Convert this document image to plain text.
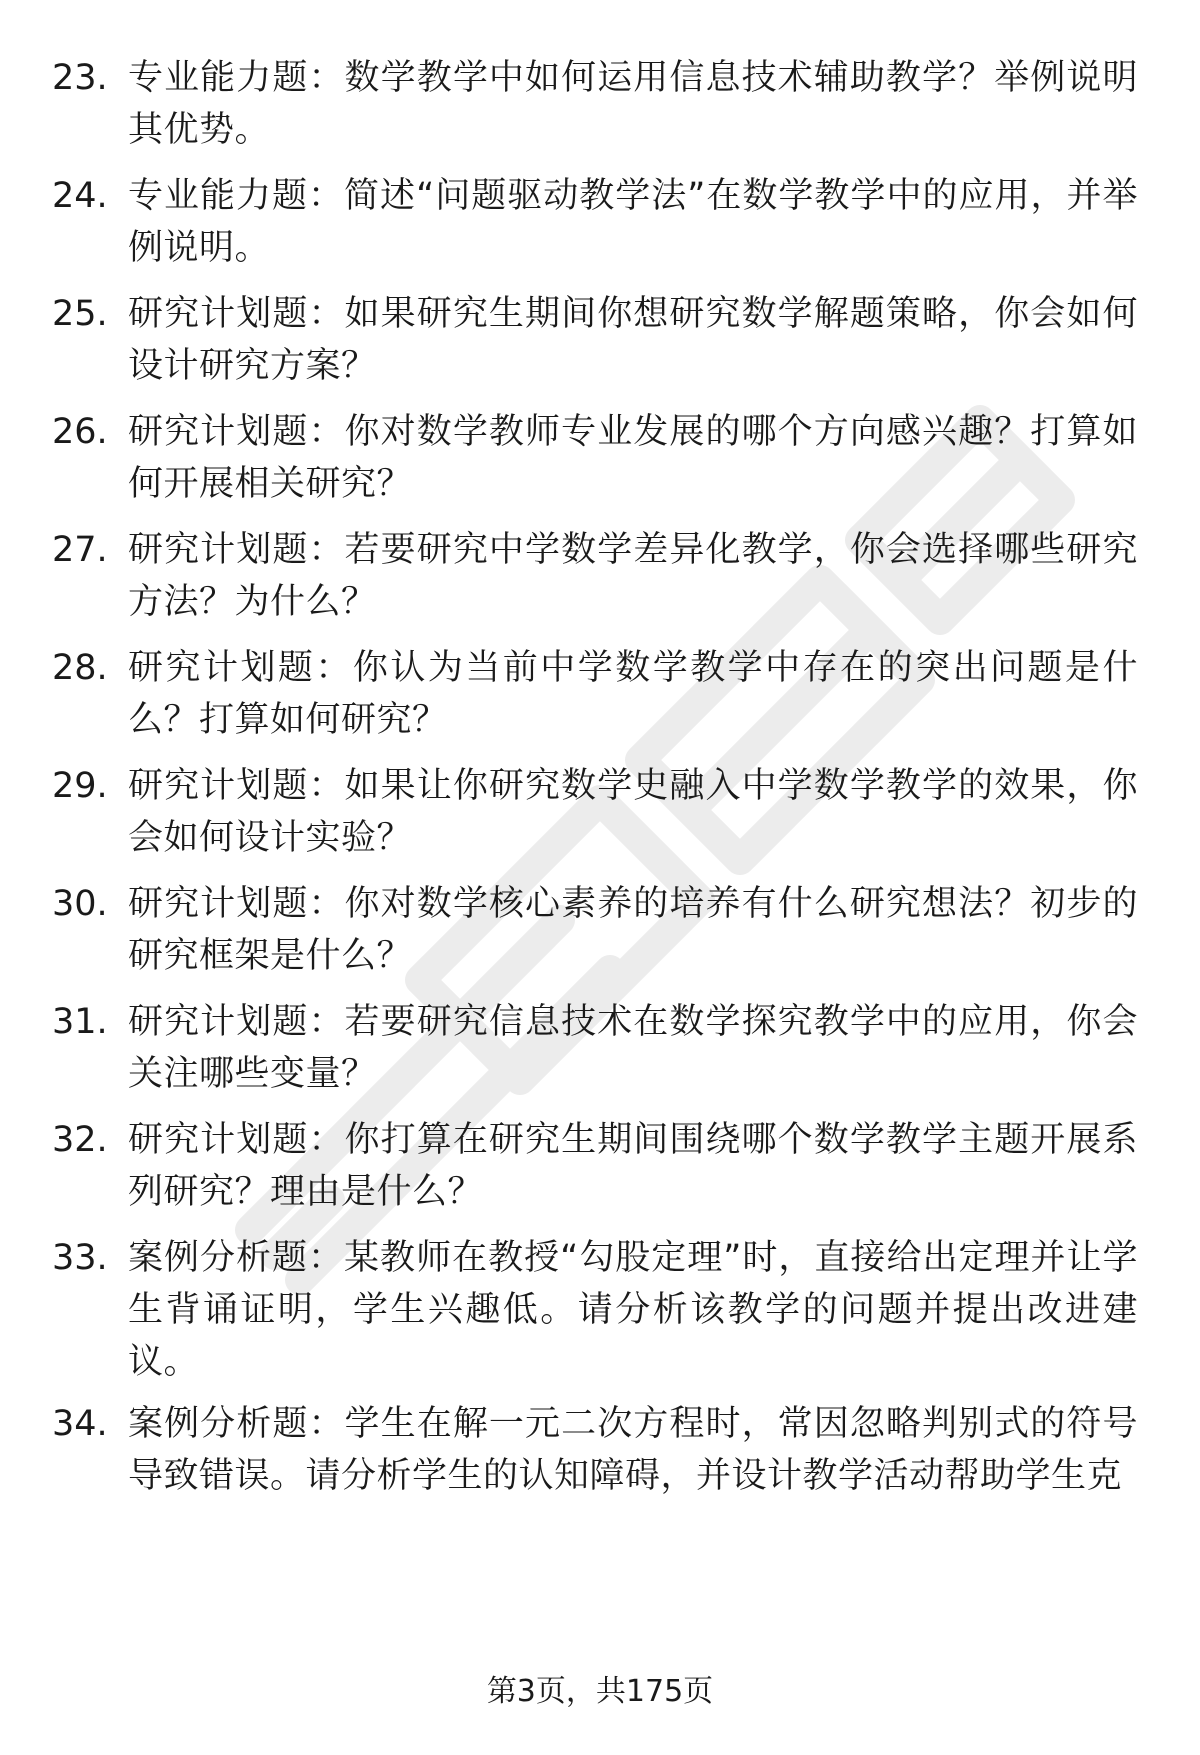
23. 专业能力题：数学教学中如何运用信息技术辅助教学？举例说明其优势。
24. 专业能力题：简述“问题驱动教学法”在数学教学中的应用，并举例说明。
25. 研究计划题：如果研究生期间你想研究数学解题策略，你会如何设计研究方案？
26. 研究计划题：你对数学教师专业发展的哪个方向感兴趣？打算如何开展相关研究？
27. 研究计划题：若要研究中学数学差异化教学，你会选择哪些研究方法？为什么？
28. 研究计划题：你认为当前中学数学教学中存在的突出问题是什么？打算如何研究？
29. 研究计划题：如果让你研究数学史融入中学数学教学的效果，你会如何设计实验？
30. 研究计划题：你对数学核心素养的培养有什么研究想法？初步的研究框架是什么？
31. 研究计划题：若要研究信息技术在数学探究教学中的应用，你会关注哪些变量？
32. 研究计划题：你打算在研究生期间围绕哪个数学教学主题开展系列研究？理由是什么？
33. 案例分析题：某教师在教授“勾股定理”时，直接给出定理并让学生背诵证明，学生兴趣低。请分析该教学的问题并提出改进建议。
34. 案例分析题：学生在解一元二次方程时，常因忽略判别式的符号导致错误。请分析学生的认知障碍，并设计教学活动帮助学生克
第3页，共175页
